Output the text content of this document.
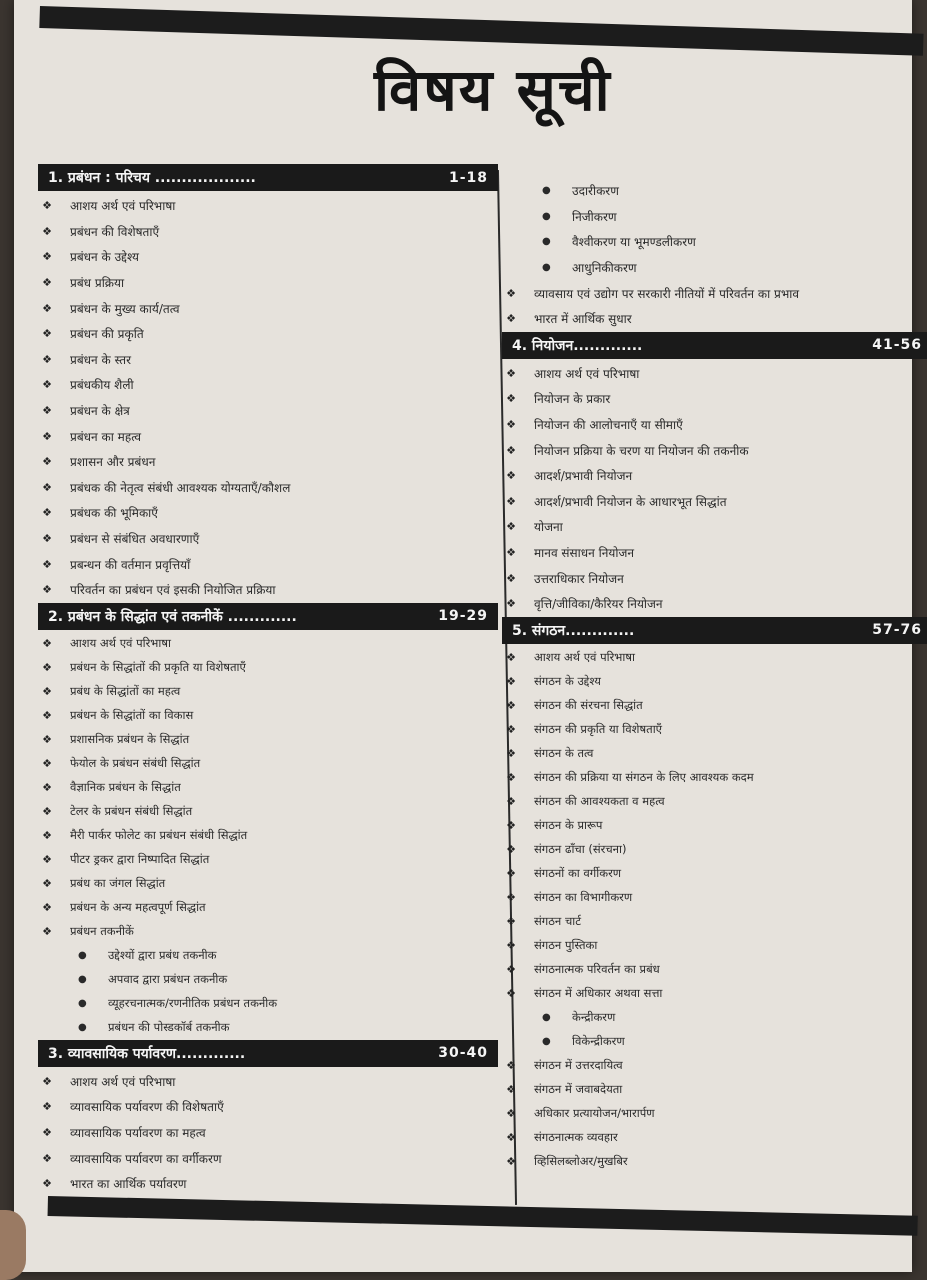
विषय सूची
1. प्रबंधन : परिचय ...................	1-18
❖	आशय अर्थ एवं परिभाषा
❖	प्रबंधन की विशेषताएँ
❖	प्रबंधन के उद्देश्य
❖	प्रबंध प्रक्रिया
❖	प्रबंधन के मुख्य कार्य/तत्व
❖	प्रबंधन की प्रकृति
❖	प्रबंधन के स्तर
❖	प्रबंधकीय शैली
❖	प्रबंधन के क्षेत्र
❖	प्रबंधन का महत्व
❖	प्रशासन और प्रबंधन
❖	प्रबंधक की नेतृत्व संबंधी आवश्यक योग्यताएँ/कौशल
❖	प्रबंधक की भूमिकाएँ
❖	प्रबंधन से संबंधित अवधारणाएँ
❖	प्रबन्धन की वर्तमान प्रवृत्तियाँ
❖	परिवर्तन का प्रबंधन एवं इसकी नियोजित प्रक्रिया
2. प्रबंधन के सिद्धांत एवं तकनीकें .............	19-29
❖	आशय अर्थ एवं परिभाषा
❖	प्रबंधन के सिद्धांतों की प्रकृति या विशेषताएँ
❖	प्रबंध के सिद्धांतों का महत्व
❖	प्रबंधन के सिद्धांतों का विकास
❖	प्रशासनिक प्रबंधन के सिद्धांत
❖	फेयोल के प्रबंधन संबंधी सिद्धांत
❖	वैज्ञानिक प्रबंधन के सिद्धांत
❖	टेलर के प्रबंधन संबंधी सिद्धांत
❖	मैरी पार्कर फोलेट का प्रबंधन संबंधी सिद्धांत
❖	पीटर ड्रकर द्वारा निष्पादित सिद्धांत
❖	प्रबंध का जंगल सिद्धांत
❖	प्रबंधन के अन्य महत्वपूर्ण सिद्धांत
❖	प्रबंधन तकनीकें
●	उद्देश्यों द्वारा प्रबंध तकनीक
●	अपवाद द्वारा प्रबंधन तकनीक
●	व्यूहरचनात्मक/रणनीतिक प्रबंधन तकनीक
●	प्रबंधन की पोस्डकॉर्ब तकनीक
3. व्यावसायिक पर्यावरण.............	30-40
❖	आशय अर्थ एवं परिभाषा
❖	व्यावसायिक पर्यावरण की विशेषताएँ
❖	व्यावसायिक पर्यावरण का महत्व
❖	व्यावसायिक पर्यावरण का वर्गीकरण
❖	भारत का आर्थिक पर्यावरण
●	उदारीकरण
●	निजीकरण
●	वैश्वीकरण या भूमण्डलीकरण
●	आधुनिकीकरण
❖	व्यावसाय एवं उद्योग पर सरकारी नीतियों में परिवर्तन का प्रभाव
❖	भारत में आर्थिक सुधार
4. नियोजन.............	41-56
❖	आशय अर्थ एवं परिभाषा
❖	नियोजन के प्रकार
❖	नियोजन की आलोचनाएँ या सीमाएँ
❖	नियोजन प्रक्रिया के चरण या नियोजन की तकनीक
❖	आदर्श/प्रभावी नियोजन
❖	आदर्श/प्रभावी नियोजन के आधारभूत सिद्धांत
❖	योजना
❖	मानव संसाधन नियोजन
❖	उत्तराधिकार नियोजन
❖	वृत्ति/जीविका/कैरियर नियोजन
5. संगठन.............	57-76
❖	आशय अर्थ एवं परिभाषा
❖	संगठन के उद्देश्य
❖	संगठन की संरचना सिद्धांत
❖	संगठन की प्रकृति या विशेषताएँ
❖	संगठन के तत्व
❖	संगठन की प्रक्रिया या संगठन के लिए आवश्यक कदम
❖	संगठन की आवश्यकता व महत्व
❖	संगठन के प्रारूप
❖	संगठन ढाँचा (संरचना)
❖	संगठनों का वर्गीकरण
❖	संगठन का विभागीकरण
❖	संगठन चार्ट
❖	संगठन पुस्तिका
❖	संगठनात्मक परिवर्तन का प्रबंध
❖	संगठन में अधिकार अथवा सत्ता
●	केन्द्रीकरण
●	विकेन्द्रीकरण
❖	संगठन में उत्तरदायित्व
❖	संगठन में जवाबदेयता
❖	अधिकार प्रत्यायोजन/भारार्पण
❖	संगठनात्मक व्यवहार
❖	व्हिसिलब्लोअर/मुखबिर
